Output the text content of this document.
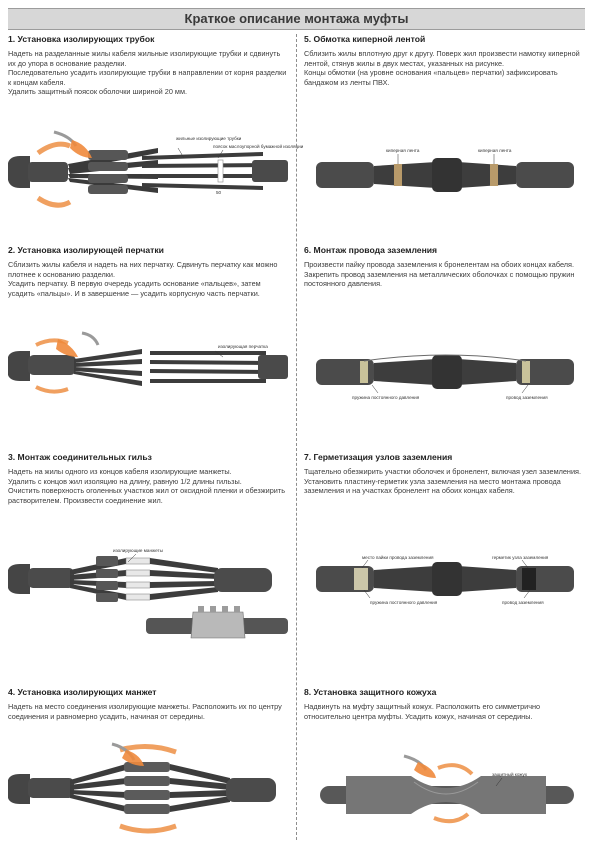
Краткое описание монтажа муфты
1. Установка изолирующих трубок

Надеть на разделанные жилы кабеля жильные изолирующие трубки и сдвинуть их до упора в основание разделки.

Последовательно усадить изолирующие трубки в направлении от корня разделки к концам кабеля.

Удалить защитный поясок оболочки шириной 20 мм.

жильные изолирующие трубки
поясок маслоупорной бумажной изоляции
50
2. Установка изолирующей перчатки

Сблизить жилы кабеля и надеть на них перчатку. Сдвинуть перчатку как можно плотнее к основанию разделки.

Усадить перчатку. В первую очередь усадить основание «пальцев», затем усадить «пальцы». И в завершение — усадить корпусную часть перчатки.

изолирующая перчатка
3. Монтаж соединительных гильз

Надеть на жилы одного из концов кабеля изолирующие манжеты.

Удалить с концов жил изоляцию на длину, равную 1/2 длины гильзы.

Очистить поверхность оголенных участков жил от оксидной пленки и обезжирить растворителем. Произвести соединение жил.

изолирующие манжеты
4. Установка изолирующих манжет

Надеть на место соединения изолирующие манжеты. Расположить их по центру соединения и равномерно усадить, начиная от середины.

5. Обмотка киперной лентой

Сблизить жилы вплотную друг к другу. Поверх жил произвести намотку киперной лентой, стянув жилы в двух местах, указанных на рисунке.

Концы обмотки (на уровне основания «пальцев» перчатки) зафиксировать бандажом из ленты ПВХ.

киперная лента	киперная лента
6. Монтаж провода заземления

Произвести пайку провода заземления к бронелентам на обоих концах кабеля.

Закрепить провод заземления на металлических оболочках с помощью пружин постоянного давления.

пружина постоянного давления	провод заземления
7. Герметизация узлов заземления

Тщательно обезжирить участки оболочек и бронелент, включая узел заземления.

Установить пластину-герметик узла заземления на место монтажа провода заземления и на участках бронелент на обоих концах кабеля.

место пайки провода заземления	герметик узла заземления
пружина постоянного давления	провод заземления
8. Установка защитного кожуха

Надвинуть на муфту защитный кожух. Расположить его симметрично относительно центра муфты. Усадить кожух, начиная от середины.

защитный кожух
